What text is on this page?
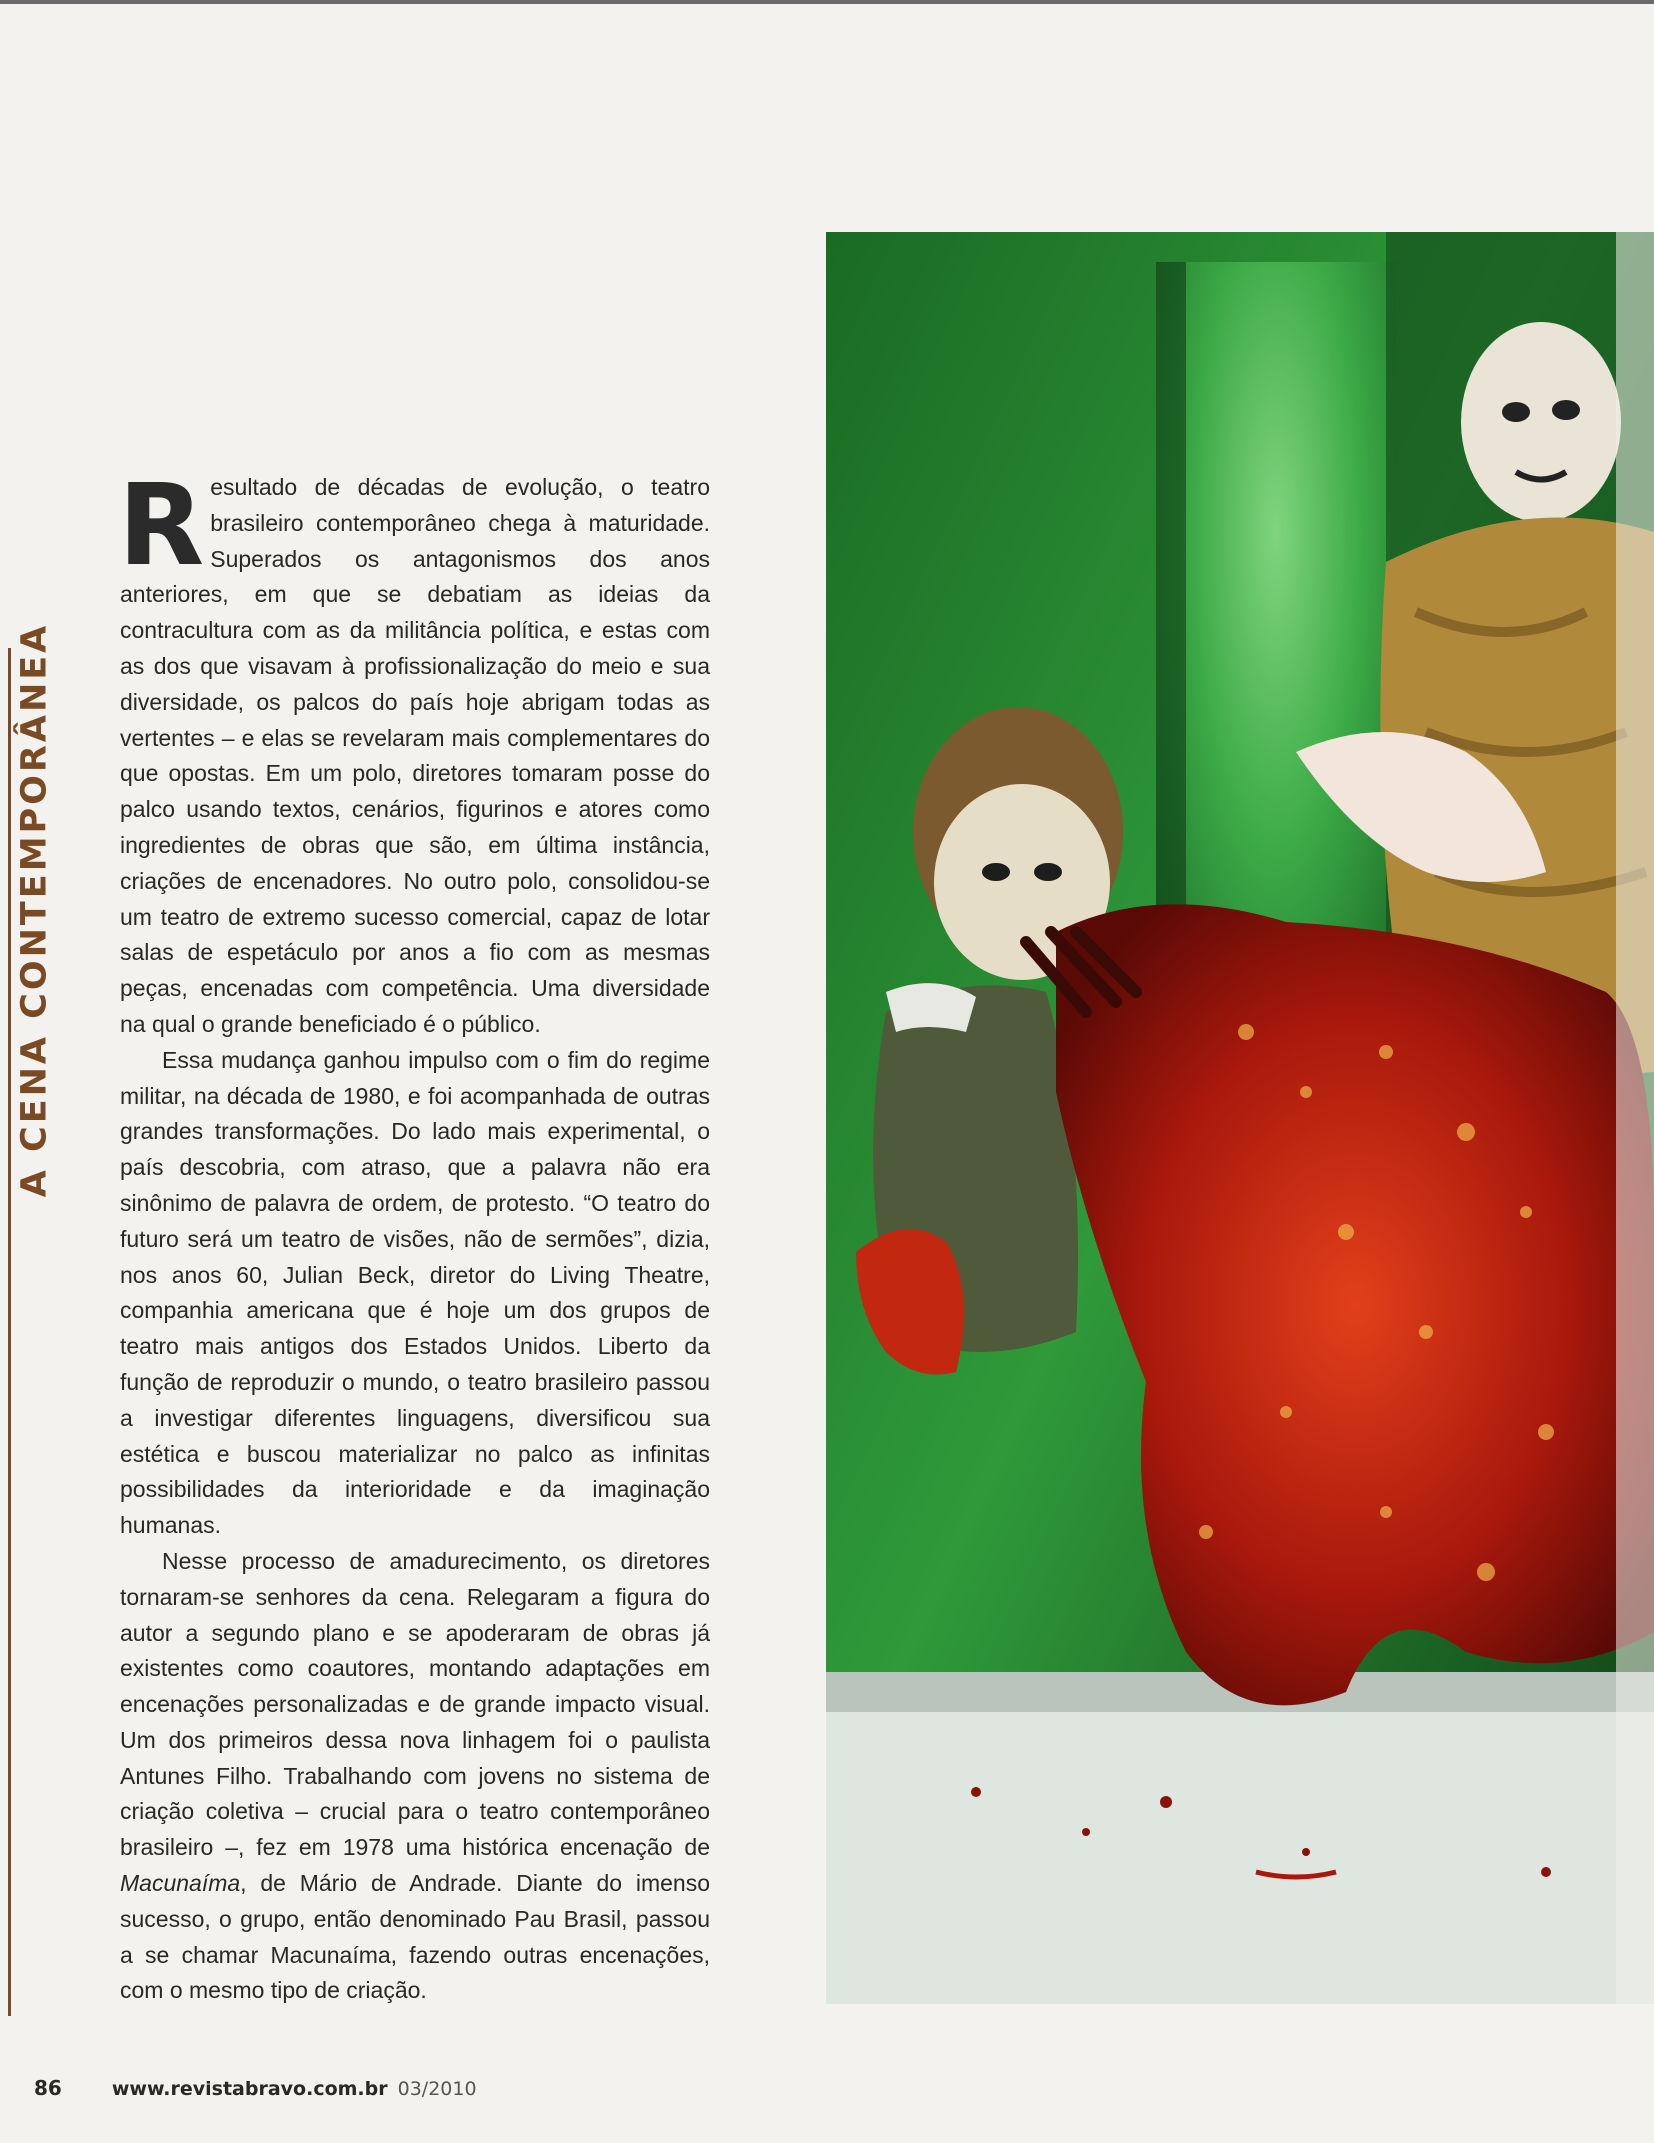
A CENA CONTEMPORÂNEA

Resultado de décadas de evolução, o teatro brasileiro contemporâneo chega à maturidade. Superados os antagonismos dos anos anteriores, em que se debatiam as ideias da contracultura com as da militância política, e estas com as dos que visavam à profissionalização do meio e sua diversidade, os palcos do país hoje abrigam todas as vertentes – e elas se revelaram mais complementares do que opostas. Em um polo, diretores tomaram posse do palco usando textos, cenários, figurinos e atores como ingredientes de obras que são, em última instância, criações de encenadores. No outro polo, consolidou-se um teatro de extremo sucesso comercial, capaz de lotar salas de espetáculo por anos a fio com as mesmas peças, encenadas com competência. Uma diversidade na qual o grande beneficiado é o público.

Essa mudança ganhou impulso com o fim do regime militar, na década de 1980, e foi acompanhada de outras grandes transformações. Do lado mais experimental, o país descobria, com atraso, que a palavra não era sinônimo de palavra de ordem, de protesto. “O teatro do futuro será um teatro de visões, não de sermões”, dizia, nos anos 60, Julian Beck, diretor do Living Theatre, companhia americana que é hoje um dos grupos de teatro mais antigos dos Estados Unidos. Liberto da função de reproduzir o mundo, o teatro brasileiro passou a investigar diferentes linguagens, diversificou sua estética e buscou materializar no palco as infinitas possibilidades da interioridade e da imaginação humanas.

Nesse processo de amadurecimento, os diretores tornaram-se senhores da cena. Relegaram a figura do autor a segundo plano e se apoderaram de obras já existentes como coautores, montando adaptações em encenações personalizadas e de grande impacto visual. Um dos primeiros dessa nova linhagem foi o paulista Antunes Filho. Trabalhando com jovens no sistema de criação coletiva – crucial para o teatro contemporâneo brasileiro –, fez em 1978 uma histórica encenação de Macunaíma, de Mário de Andrade. Diante do imenso sucesso, o grupo, então denominado Pau Brasil, passou a se chamar Macunaíma, fazendo outras encenações, com o mesmo tipo de criação.

86	www.revistabravo.com.br 03/2010
